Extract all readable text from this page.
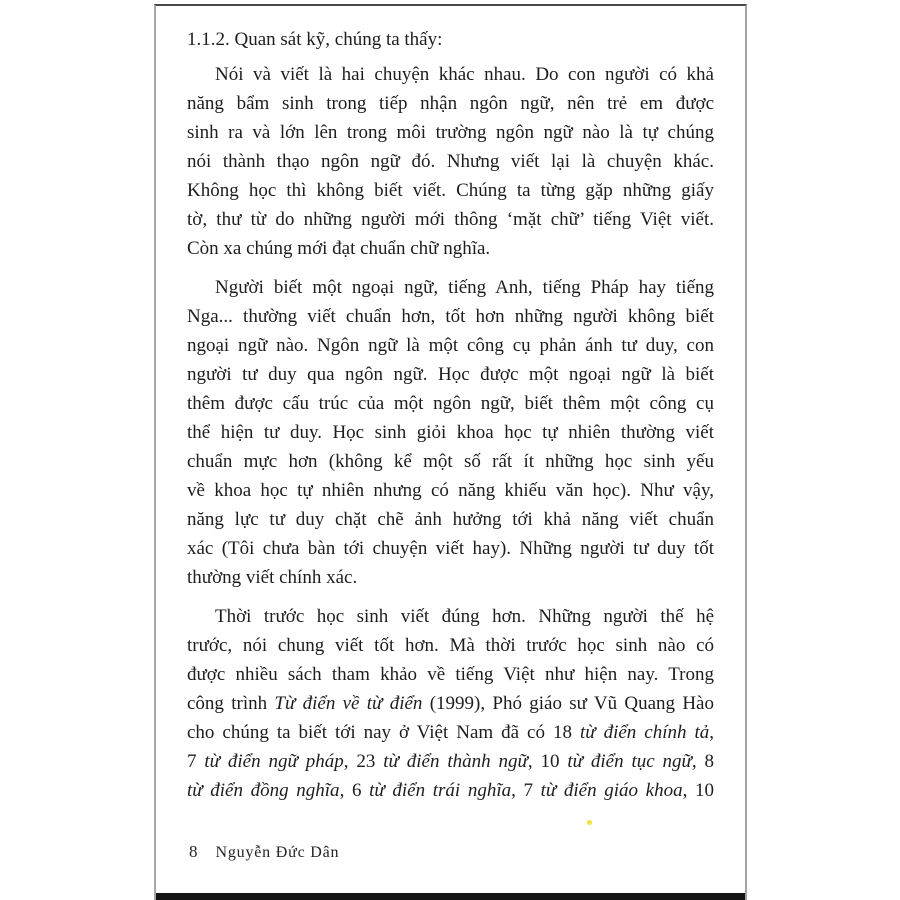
1.1.2. Quan sát kỹ, chúng ta thấy:
Nói và viết là hai chuyện khác nhau. Do con người có khả
năng bẩm sinh trong tiếp nhận ngôn ngữ, nên trẻ em được
sinh ra và lớn lên trong môi trường ngôn ngữ nào là tự chúng
nói thành thạo ngôn ngữ đó. Nhưng viết lại là chuyện khác.
Không học thì không biết viết. Chúng ta từng gặp những giấy
tờ, thư từ do những người mới thông ‘mặt chữ’ tiếng Việt viết.
Còn xa chúng mới đạt chuẩn chữ nghĩa.
Người biết một ngoại ngữ, tiếng Anh, tiếng Pháp hay tiếng
Nga... thường viết chuẩn hơn, tốt hơn những người không biết
ngoại ngữ nào. Ngôn ngữ là một công cụ phản ánh tư duy, con
người tư duy qua ngôn ngữ. Học được một ngoại ngữ là biết
thêm được cấu trúc của một ngôn ngữ, biết thêm một công cụ
thể hiện tư duy. Học sinh giỏi khoa học tự nhiên thường viết
chuẩn mực hơn (không kể một số rất ít những học sinh yếu
về khoa học tự nhiên nhưng có năng khiếu văn học). Như vậy,
năng lực tư duy chặt chẽ ảnh hưởng tới khả năng viết chuẩn
xác (Tôi chưa bàn tới chuyện viết hay). Những người tư duy tốt
thường viết chính xác.
Thời trước học sinh viết đúng hơn. Những người thế hệ
trước, nói chung viết tốt hơn. Mà thời trước học sinh nào có
được nhiều sách tham khảo về tiếng Việt như hiện nay. Trong
công trình Từ điển về từ điển (1999), Phó giáo sư Vũ Quang Hào
cho chúng ta biết tới nay ở Việt Nam đã có 18 từ điển chính tả,
7 từ điển ngữ pháp, 23 từ điển thành ngữ, 10 từ điển tục ngữ, 8
từ điển đồng nghĩa, 6 từ điển trái nghĩa, 7 từ điển giáo khoa, 10
8 Nguyễn Đức Dân
